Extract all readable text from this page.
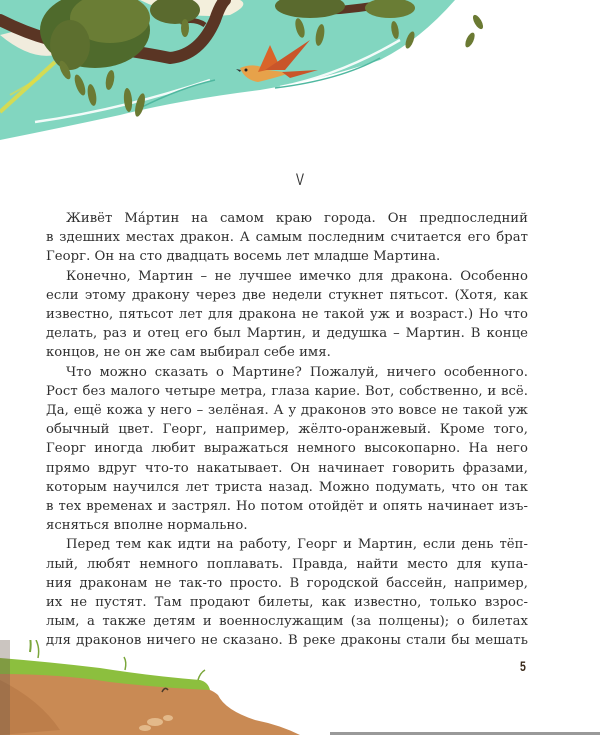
V
Живёт Ма́ртин на самом краю города. Он предпоследний
в здешних местах дракон. А самым последним считается его брат
Георг. Он на сто двадцать восемь лет младше Мартина.
Конечно, Мартин – не лучшее имечко для дракона. Особенно
если этому дракону через две недели стукнет пятьсот. (Хотя, как
известно, пятьсот лет для дракона не такой уж и возраст.) Но что
делать, раз и отец его был Мартин, и дедушка – Мартин. В конце
концов, не он же сам выбирал себе имя.
Что можно сказать о Мартине? Пожалуй, ничего особенного.
Рост без малого четыре метра, глаза карие. Вот, собственно, и всё.
Да, ещё кожа у него – зелёная. А у драконов это вовсе не такой уж
обычный цвет. Георг, например, жёлто-оранжевый. Кроме того,
Георг иногда любит выражаться немного высокопарно. На него
прямо вдруг что-то накатывает. Он начинает говорить фразами,
которым научился лет триста назад. Можно подумать, что он так
в тех временах и застрял. Но потом отойдёт и опять начинает изъ-
ясняться вполне нормально.
Перед тем как идти на работу, Георг и Мартин, если день тёп-
лый, любят немного поплавать. Правда, найти место для купа-
ния драконам не так-то просто. В городской бассейн, например,
их не пустят. Там продают билеты, как известно, только взрос-
лым, а также детям и военнослужащим (за полцены); о билетах
для драконов ничего не сказано. В реке драконы стали бы мешать
5
